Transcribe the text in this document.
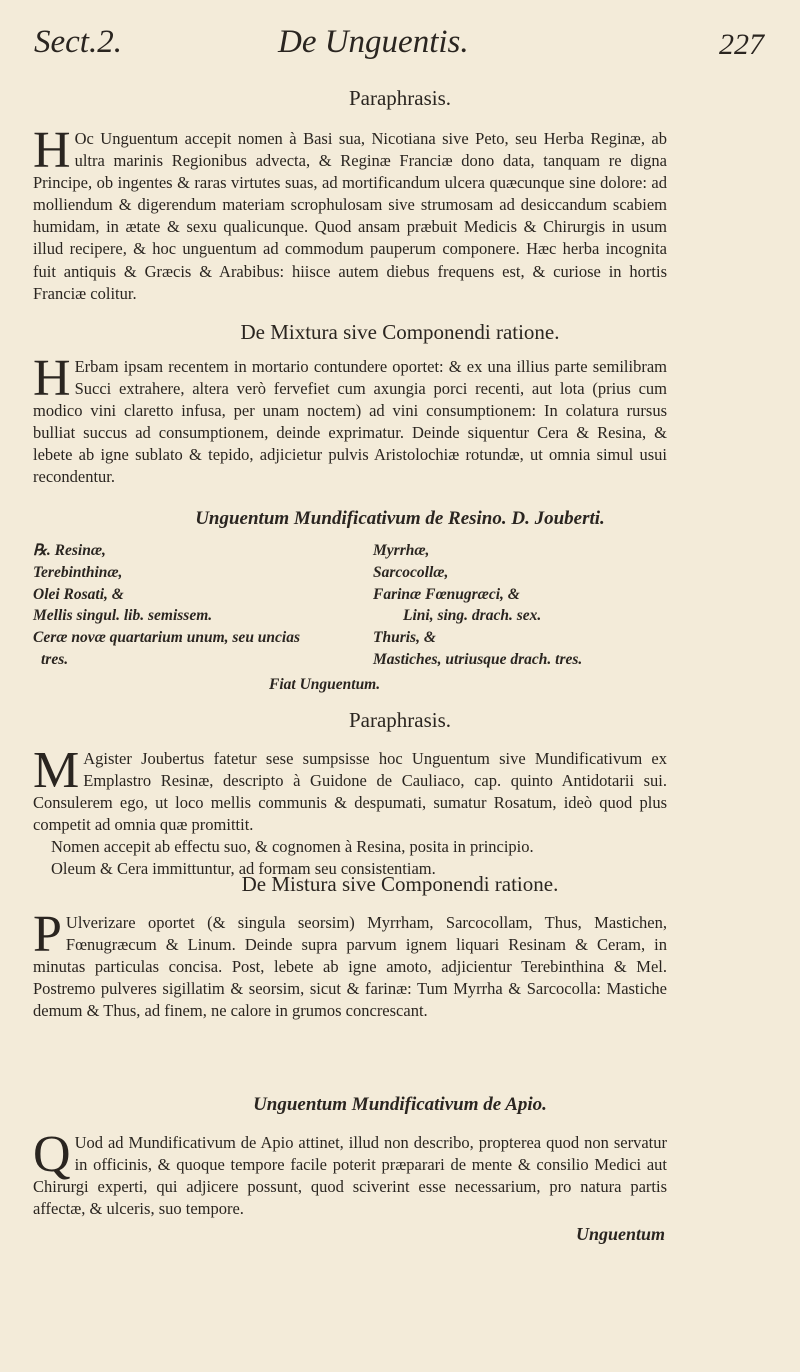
Sect.2.	De Unguentis.	227
Paraphrasis.

H Oc Unguentum accepit nomen à Basi sua, Nicotiana sive Peto, seu Herba Reginæ, ab ultra marinis Regionibus advecta, & Reginæ Franciæ dono data, tanquam re digna Principe, ob ingentes & raras virtutes suas, ad mortificandum ulcera quæcunque sine dolore: ad molliendum & digerendum materiam scrophulosam sive strumosam ad desiccandum scabiem humidam, in ætate & sexu qualicunque. Quod ansam præbuit Medicis & Chirurgis in usum illud recipere, & hoc unguentum ad commodum pauperum componere. Hæc herba incognita fuit antiquis & Græcis & Arabibus: hiisce autem diebus frequens est, & curiose in hortis Franciæ colitur.

De Mixtura sive Componendi ratione.

H Erbam ipsam recentem in mortario contundere oportet: & ex una illius parte semilibram Succi extrahere, altera verò fervefiet cum axungia porci recenti, aut lota (prius cum modico vini claretto infusa, per unam noctem) ad vini consumptionem: In colatura rursus bulliat succus ad consumptionem, deinde exprimatur. Deinde siquentur Cera & Resina, & lebete ab igne sublato & tepido, adjicietur pulvis Aristolochiæ rotundæ, ut omnia simul usui recondentur.

Unguentum Mundificativum de Resino. D. Jouberti.
℞. Resinæ,
Terebinthinæ,
Olei Rosati, &
Mellis singul. lib. semissem.
Ceræ novæ quartarium unum, seu uncias
tres.
Myrrhæ,
Sarcocollæ,
Farinæ Fœnugræci, &
Lini, sing. drach. sex.
Thuris, &
Mastiches, utriusque drach. tres.
Fiat Unguentum.
Paraphrasis.

M Agister Joubertus fatetur sese sumpsisse hoc Unguentum sive Mundificativum ex Emplastro Resinæ, descripto à Guidone de Cauliaco, cap. quinto Antidotarii sui. Consulerem ego, ut loco mellis communis & despumati, sumatur Rosatum, ideò quod plus competit ad omnia quæ promittit.

Nomen accepit ab effectu suo, & cognomen à Resina, posita in principio.

Oleum & Cera immittuntur, ad formam seu consistentiam.

De Mistura sive Componendi ratione.

P Ulverizare oportet (& singula seorsim) Myrrham, Sarcocollam, Thus, Mastichen, Fœnugræcum & Linum. Deinde supra parvum ignem liquari Resinam & Ceram, in minutas particulas concisa. Post, lebete ab igne amoto, adjicientur Terebinthina & Mel. Postremo pulveres sigillatim & seorsim, sicut & farinæ: Tum Myrrha & Sarcocolla: Mastiche demum & Thus, ad finem, ne calore in grumos concrescant.

Unguentum Mundificativum de Apio.

Q Uod ad Mundificativum de Apio attinet, illud non describo, propterea quod non servatur in officinis, & quoque tempore facile poterit præparari de mente & consilio Medici aut Chirurgi experti, qui adjicere possunt, quod sciverint esse necessarium, pro natura partis affectæ, & ulceris, suo tempore.

Unguentum
